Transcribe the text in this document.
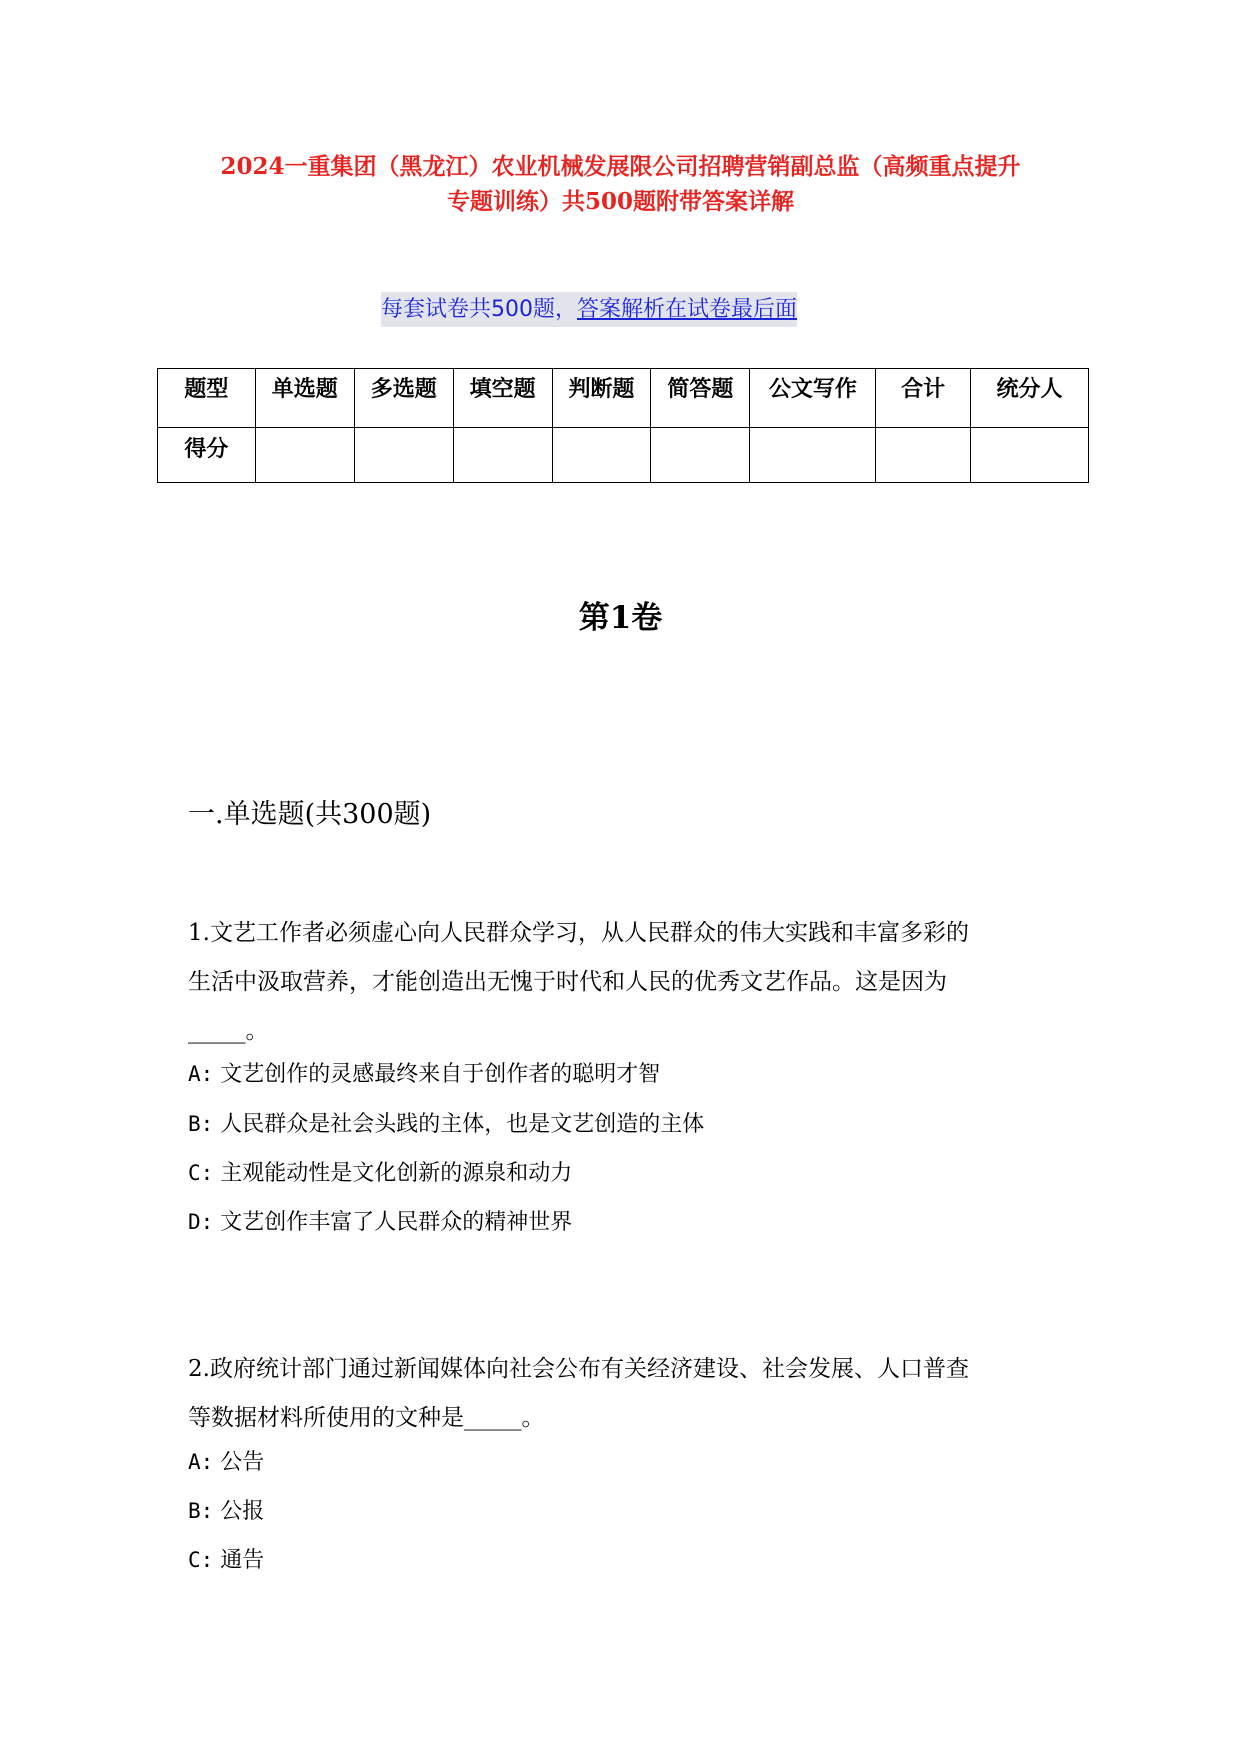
2024一重集团（黑龙江）农业机械发展限公司招聘营销副总监（高频重点提升
专题训练）共500题附带答案详解
每套试卷共500题，答案解析在试卷最后面
题型	单选题	多选题	填空题	判断题	简答题	公文写作	合计	统分人
得分								
第1卷
一.单选题(共300题)
1.文艺工作者必须虚心向人民群众学习，从人民群众的伟大实践和丰富多彩的
生活中汲取营养，才能创造出无愧于时代和人民的优秀文艺作品。这是因为
_____。
A: 文艺创作的灵感最终来自于创作者的聪明才智
B: 人民群众是社会头践的主体，也是文艺创造的主体
C: 主观能动性是文化创新的源泉和动力
D: 文艺创作丰富了人民群众的精神世界
2.政府统计部门通过新闻媒体向社会公布有关经济建设、社会发展、人口普查
等数据材料所使用的文种是_____。
A: 公告
B: 公报
C: 通告
